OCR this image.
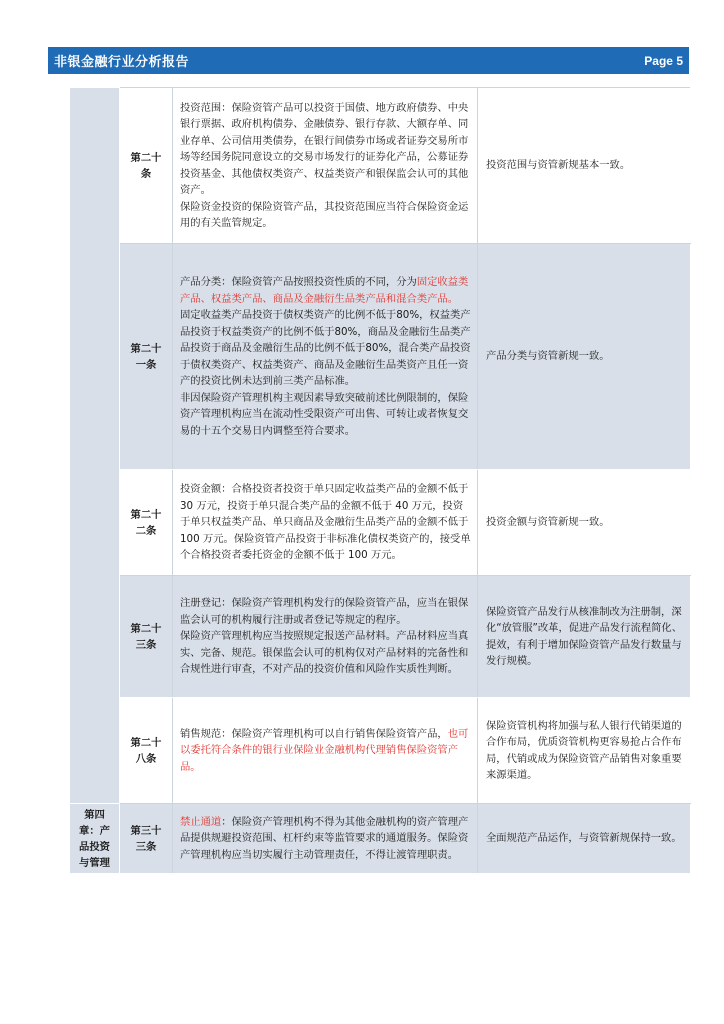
非银金融行业分析报告	Page 5
	第二十条	投资范围：保险资管产品可以投资于国债、地方政府债券、中央银行票据、政府机构债券、金融债券、银行存款、大额存单、同业存单、公司信用类债券，在银行间债券市场或者证券交易所市场等经国务院同意设立的交易市场发行的证券化产品，公募证券投资基金、其他债权类资产、权益类资产和银保监会认可的其他资产。
保险资金投资的保险资管产品，其投资范围应当符合保险资金运用的有关监管规定。	投资范围与资管新规基本一致。
	第二十一条	产品分类：保险资管产品按照投资性质的不同，分为固定收益类产品、权益类产品、商品及金融衍生品类产品和混合类产品。
固定收益类产品投资于债权类资产的比例不低于80%，权益类产品投资于权益类资产的比例不低于80%，商品及金融衍生品类产品投资于商品及金融衍生品的比例不低于80%，混合类产品投资于债权类资产、权益类资产、商品及金融衍生品类资产且任一资产的投资比例未达到前三类产品标准。
非因保险资产管理机构主观因素导致突破前述比例限制的，保险资产管理机构应当在流动性受限资产可出售、可转让或者恢复交易的十五个交易日内调整至符合要求。	产品分类与资管新规一致。
	第二十二条	投资金额：合格投资者投资于单只固定收益类产品的金额不低于 30 万元，投资于单只混合类产品的金额不低于 40 万元，投资于单只权益类产品、单只商品及金融衍生品类产品的金额不低于 100 万元。保险资管产品投资于非标准化债权类资产的，接受单个合格投资者委托资金的金额不低于 100 万元。	投资金额与资管新规一致。
	第二十三条	注册登记：保险资产管理机构发行的保险资管产品，应当在银保监会认可的机构履行注册或者登记等规定的程序。
保险资产管理机构应当按照规定报送产品材料。产品材料应当真实、完备、规范。银保监会认可的机构仅对产品材料的完备性和合规性进行审查，不对产品的投资价值和风险作实质性判断。	保险资管产品发行从核准制改为注册制，深化“放管服”改革，促进产品发行流程简化、提效，有利于增加保险资管产品发行数量与发行规模。
	第二十八条	销售规范：保险资产管理机构可以自行销售保险资管产品，也可以委托符合条件的银行业保险业金融机构代理销售保险资管产品。	保险资管机构将加强与私人银行代销渠道的合作布局，优质资管机构更容易抢占合作布局，代销或成为保险资管产品销售对象重要来源渠道。
第四章：产品投资与管理	第三十三条	禁止通道：保险资产管理机构不得为其他金融机构的资产管理产品提供规避投资范围、杠杆约束等监管要求的通道服务。保险资产管理机构应当切实履行主动管理责任，不得让渡管理职责。	全面规范产品运作，与资管新规保持一致。
